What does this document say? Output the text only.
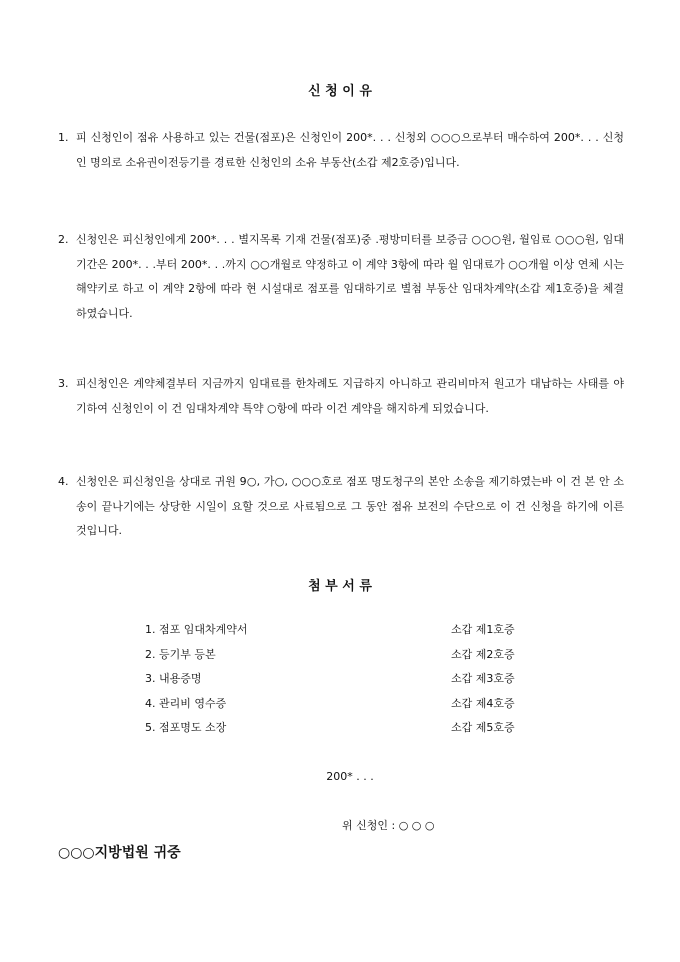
신 청 이 유
1. 피 신청인이 점유 사용하고 있는 건물(점포)은 신청인이 200*. . . 신청외 ○○○으로부터 매수하여 200*. . . 신청인 명의로 소유권이전등기를 경료한 신청인의 소유 부동산(소갑 제2호증)입니다.
2. 신청인은 피신청인에게 200*. . . 별지목록 기재 건물(점포)중 .평방미터를 보증금 ○○○원, 월임료 ○○○원, 임대기간은 200*. . .부터 200*. . .까지 ○○개월로 약정하고 이 계약 3항에 따라 월 임대료가 ○○개월 이상 연체 시는 해약키로 하고 이 계약 2항에 따라 현 시설대로 점포를 임대하기로 별첨 부동산 임대차계약(소갑 제1호증)을 체결하였습니다.
3. 피신청인은 계약체결부터 지금까지 임대료를 한차례도 지급하지 아니하고 관리비마저 원고가 대납하는 사태를 야기하여 신청인이 이 건 임대차계약 특약 ○항에 따라 이건 계약을 해지하게 되었습니다.
4. 신청인은 피신청인을 상대로 귀원 9○, 가○, ○○○호로 점포 명도청구의 본안 소송을 제기하였는바 이 건 본 안 소송이 끝나기에는 상당한 시일이 요할 것으로 사료됨으로 그 동안 점유 보전의 수단으로 이 건 신청을 하기에 이른 것입니다.
첨 부 서 류
1. 점포 임대차계약서	소갑 제1호증
2. 등기부 등본	소갑 제2호증
3. 내용증명	소갑 제3호증
4. 관리비 영수증	소갑 제4호증
5. 점포명도 소장	소갑 제5호증
200* . . .
위 신청인 : ○ ○ ○
○○○지방법원 귀중
